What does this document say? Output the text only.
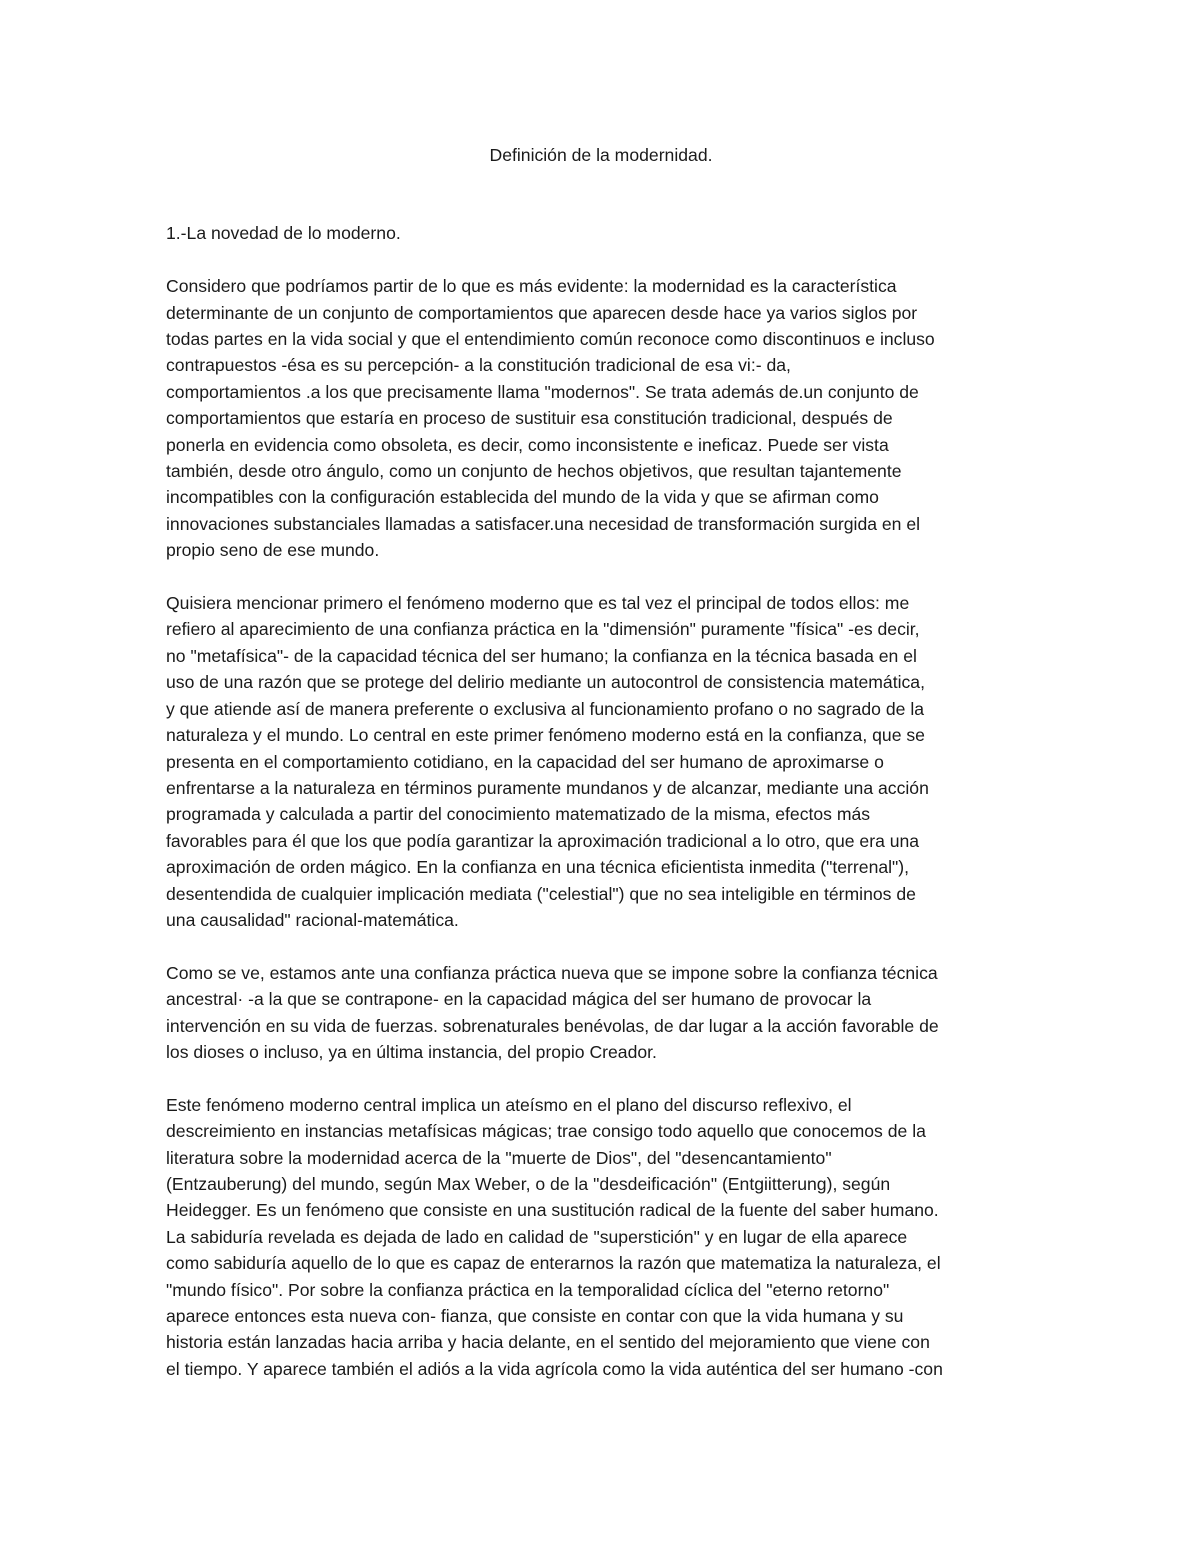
Definición de la modernidad.
1.-La novedad de lo moderno.
Considero que podríamos partir de lo que es más evidente: la modernidad es la característica
determinante de un conjunto de comportamientos que aparecen desde hace ya varios siglos por
todas partes en la vida social y que el entendimiento común reconoce como discontinuos e incluso
contrapuestos -ésa es su percepción- a la constitución tradicional de esa vi:- da,
comportamientos .a los que precisamente llama "modernos". Se trata además de.un conjunto de
comportamientos que estaría en proceso de sustituir esa constitución tradicional, después de
ponerla en evidencia como obsoleta, es decir, como inconsistente e ineficaz. Puede ser vista
también, desde otro ángulo, como un conjunto de hechos objetivos, que resultan tajantemente
incompatibles con la configuración establecida del mundo de la vida y que se afirman como
innovaciones substanciales llamadas a satisfacer.una necesidad de transformación surgida en el
propio seno de ese mundo.
Quisiera mencionar primero el fenómeno moderno que es tal vez el principal de todos ellos: me
refiero al aparecimiento de una confianza práctica en la "dimensión" puramente "física" -es decir,
no "metafísica"- de la capacidad técnica del ser humano; la confianza en la técnica basada en el
uso de una razón que se protege del delirio mediante un autocontrol de consistencia matemática,
y que atiende así de manera preferente o exclusiva al funcionamiento profano o no sagrado de la
naturaleza y el mundo. Lo central en este primer fenómeno moderno está en la confianza, que se
presenta en el comportamiento cotidiano, en la capacidad del ser humano de aproximarse o
enfrentarse a la naturaleza en términos puramente mundanos y de alcanzar, mediante una acción
programada y calculada a partir del conocimiento matematizado de la misma, efectos más
favorables para él que los que podía garantizar la aproximación tradicional a lo otro, que era una
aproximación de orden mágico. En la confianza en una técnica eficientista inmedita ("terrenal"),
desentendida de cualquier implicación mediata ("celestial") que no sea inteligible en términos de
una causalidad" racional-matemática.
Como se ve, estamos ante una confianza práctica nueva que se impone sobre la confianza técnica
ancestral· -a la que se contrapone- en la capacidad mágica del ser humano de provocar la
intervención en su vida de fuerzas. sobrenaturales benévolas, de dar lugar a la acción favorable de
los dioses o incluso, ya en última instancia, del propio Creador.
Este fenómeno moderno central implica un ateísmo en el plano del discurso reflexivo, el
descreimiento en instancias metafísicas mágicas; trae consigo todo aquello que conocemos de la
literatura sobre la modernidad acerca de la "muerte de Dios", del "desencantamiento"
(Entzauberung) del mundo, según Max Weber, o de la "desdeificación" (Entgiitterung), según
Heidegger. Es un fenómeno que consiste en una sustitución radical de la fuente del saber humano.
La sabiduría revelada es dejada de lado en calidad de "superstición" y en lugar de ella aparece
como sabiduría aquello de lo que es capaz de enterarnos la razón que matematiza la naturaleza, el
"mundo físico". Por sobre la confianza práctica en la temporalidad cíclica del "eterno retorno"
aparece entonces esta nueva con- fianza, que consiste en contar con que la vida humana y su
historia están lanzadas hacia arriba y hacia delante, en el sentido del mejoramiento que viene con
el tiempo. Y aparece también el adiós a la vida agrícola como la vida auténtica del ser humano -con
